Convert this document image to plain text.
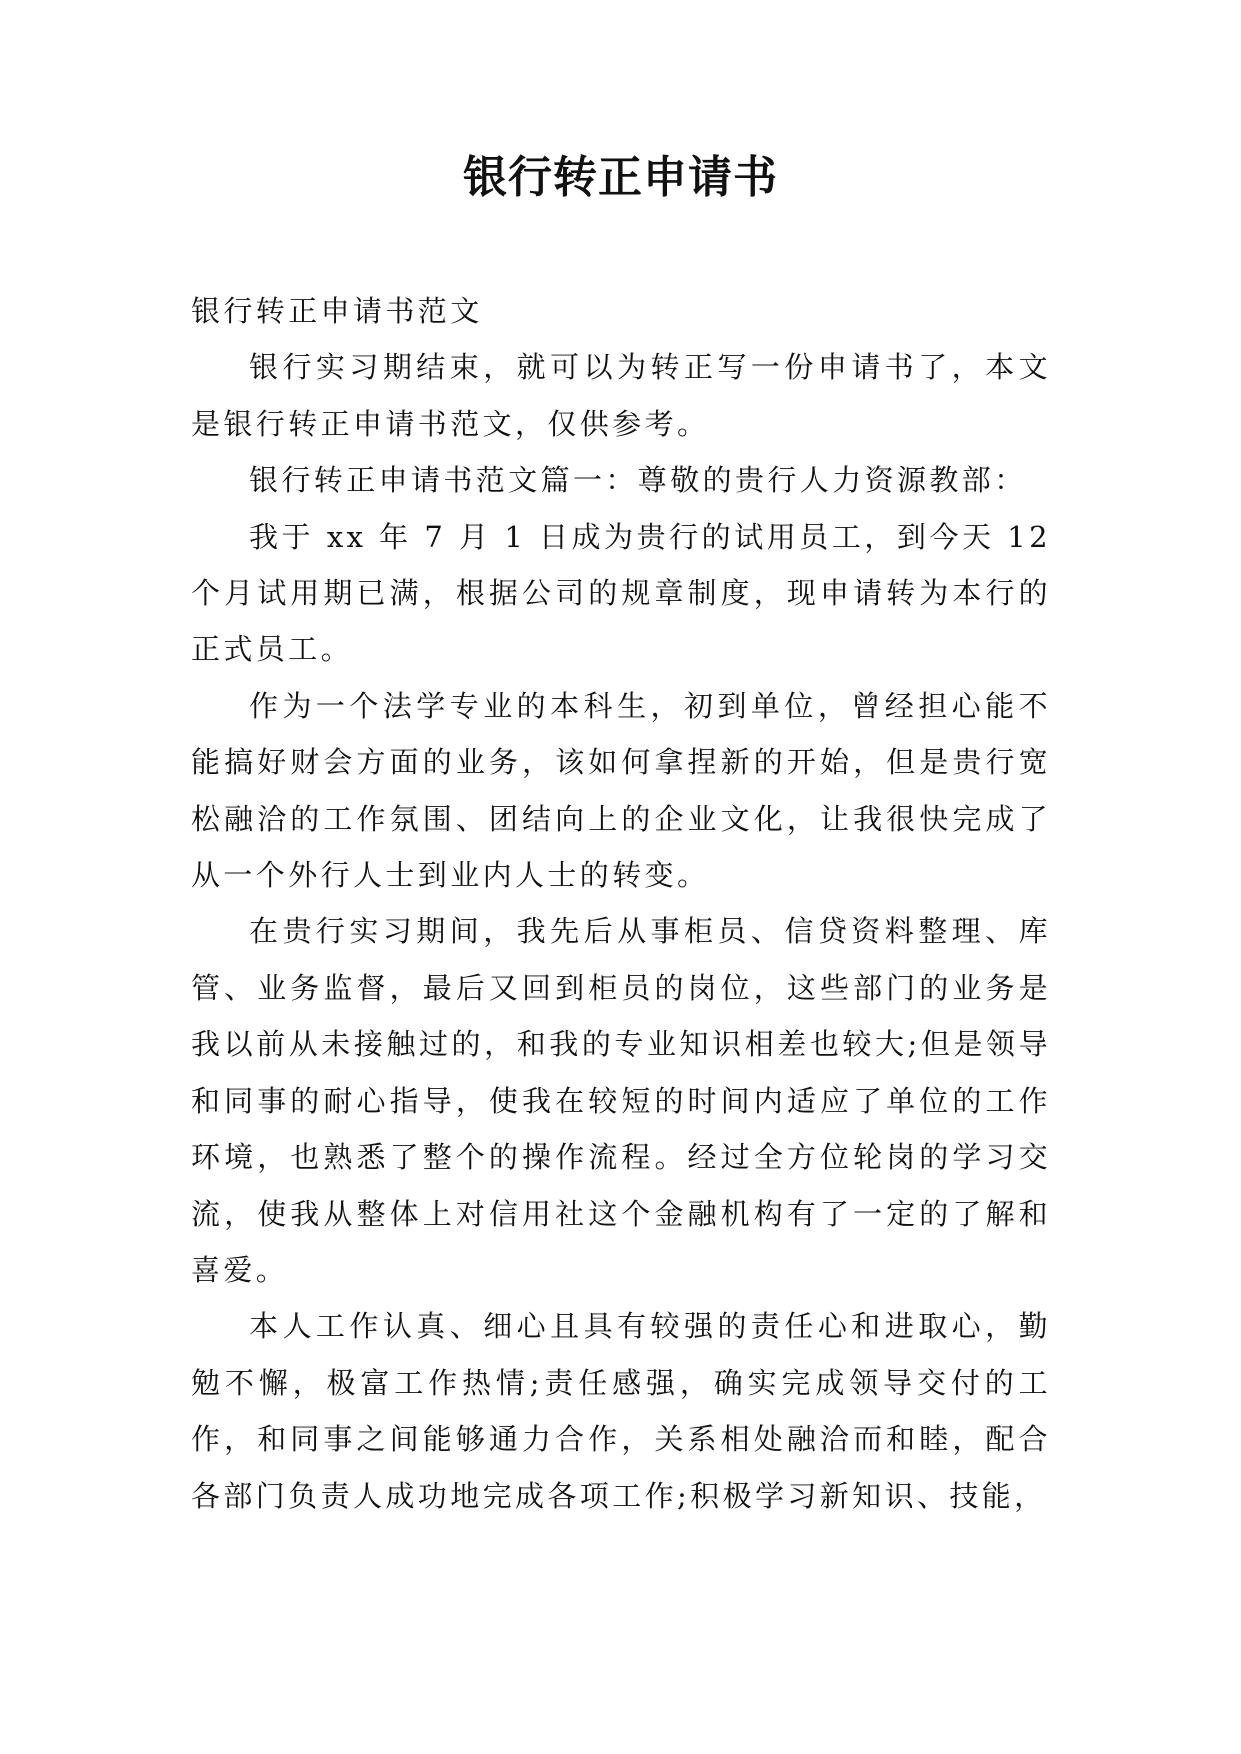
银行转正申请书

银行转正申请书范文

银行实习期结束，就可以为转正写一份申请书了，本文是银行转正申请书范文，仅供参考。

银行转正申请书范文篇一：尊敬的贵行人力资源教部：

我于 xx 年 7 月 1 日成为贵行的试用员工，到今天 12 个月试用期已满，根据公司的规章制度，现申请转为本行的正式员工。

作为一个法学专业的本科生，初到单位，曾经担心能不能搞好财会方面的业务，该如何拿捏新的开始，但是贵行宽松融洽的工作氛围、团结向上的企业文化，让我很快完成了从一个外行人士到业内人士的转变。

在贵行实习期间，我先后从事柜员、信贷资料整理、库管、业务监督，最后又回到柜员的岗位，这些部门的业务是我以前从未接触过的，和我的专业知识相差也较大;但是领导和同事的耐心指导，使我在较短的时间内适应了单位的工作环境，也熟悉了整个的操作流程。经过全方位轮岗的学习交流，使我从整体上对信用社这个金融机构有了一定的了解和喜爱。

本人工作认真、细心且具有较强的责任心和进取心，勤勉不懈，极富工作热情;责任感强，确实完成领导交付的工作，和同事之间能够通力合作，关系相处融洽而和睦，配合各部门负责人成功地完成各项工作;积极学习新知识、技能，
